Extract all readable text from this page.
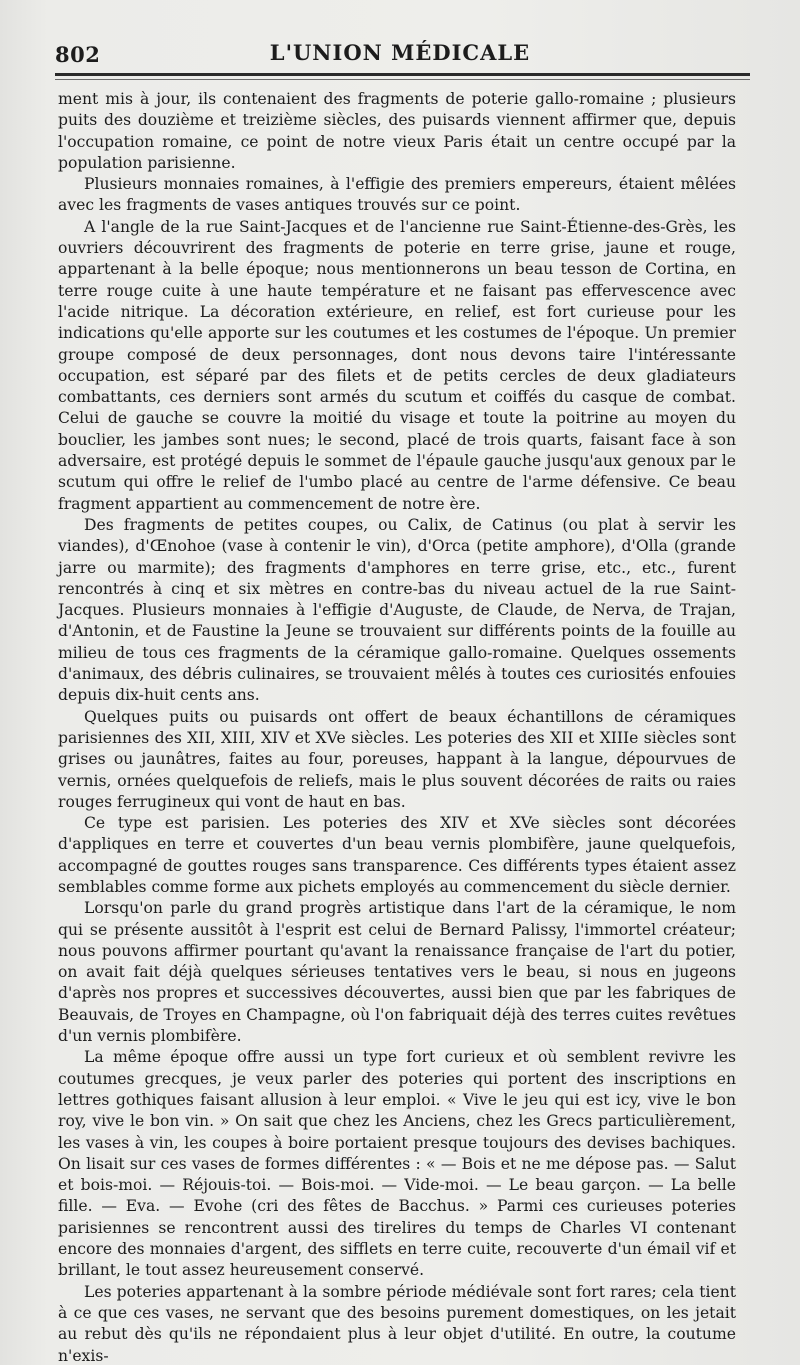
802	L'UNION MÉDICALE

ment mis à jour, ils contenaient des fragments de poterie gallo-romaine ; plusieurs puits des douzième et treizième siècles, des puisards viennent affirmer que, depuis l'occupation romaine, ce point de notre vieux Paris était un centre occupé par la population parisienne.

Plusieurs monnaies romaines, à l'effigie des premiers empereurs, étaient mêlées avec les fragments de vases antiques trouvés sur ce point.

A l'angle de la rue Saint-Jacques et de l'ancienne rue Saint-Étienne-des-Grès, les ouvriers découvrirent des fragments de poterie en terre grise, jaune et rouge, appartenant à la belle époque; nous mentionnerons un beau tesson de Cortina, en terre rouge cuite à une haute température et ne faisant pas effervescence avec l'acide nitrique. La décoration extérieure, en relief, est fort curieuse pour les indications qu'elle apporte sur les coutumes et les costumes de l'époque. Un premier groupe composé de deux personnages, dont nous devons taire l'intéressante occupation, est séparé par des filets et de petits cercles de deux gladiateurs combattants, ces derniers sont armés du scutum et coiffés du casque de combat. Celui de gauche se couvre la moitié du visage et toute la poitrine au moyen du bouclier, les jambes sont nues; le second, placé de trois quarts, faisant face à son adversaire, est protégé depuis le sommet de l'épaule gauche jusqu'aux genoux par le scutum qui offre le relief de l'umbo placé au centre de l'arme défensive. Ce beau fragment appartient au commencement de notre ère.

Des fragments de petites coupes, ou Calix, de Catinus (ou plat à servir les viandes), d'Œnohoe (vase à contenir le vin), d'Orca (petite amphore), d'Olla (grande jarre ou marmite); des fragments d'amphores en terre grise, etc., etc., furent rencontrés à cinq et six mètres en contre-bas du niveau actuel de la rue Saint-Jacques. Plusieurs monnaies à l'effigie d'Auguste, de Claude, de Nerva, de Trajan, d'Antonin, et de Faustine la Jeune se trouvaient sur différents points de la fouille au milieu de tous ces fragments de la céramique gallo-romaine. Quelques ossements d'animaux, des débris culinaires, se trouvaient mêlés à toutes ces curiosités enfouies depuis dix-huit cents ans.

Quelques puits ou puisards ont offert de beaux échantillons de céramiques parisiennes des XII, XIII, XIV et XVe siècles. Les poteries des XII et XIIIe siècles sont grises ou jaunâtres, faites au four, poreuses, happant à la langue, dépourvues de vernis, ornées quelquefois de reliefs, mais le plus souvent décorées de raits ou raies rouges ferrugineux qui vont de haut en bas.

Ce type est parisien. Les poteries des XIV et XVe siècles sont décorées d'appliques en terre et couvertes d'un beau vernis plombifère, jaune quelquefois, accompagné de gouttes rouges sans transparence. Ces différents types étaient assez semblables comme forme aux pichets employés au commencement du siècle dernier.

Lorsqu'on parle du grand progrès artistique dans l'art de la céramique, le nom qui se présente aussitôt à l'esprit est celui de Bernard Palissy, l'immortel créateur; nous pouvons affirmer pourtant qu'avant la renaissance française de l'art du potier, on avait fait déjà quelques sérieuses tentatives vers le beau, si nous en jugeons d'après nos propres et successives découvertes, aussi bien que par les fabriques de Beauvais, de Troyes en Champagne, où l'on fabriquait déjà des terres cuites revêtues d'un vernis plombifère.

La même époque offre aussi un type fort curieux et où semblent revivre les coutumes grecques, je veux parler des poteries qui portent des inscriptions en lettres gothiques faisant allusion à leur emploi. « Vive le jeu qui est icy, vive le bon roy, vive le bon vin. » On sait que chez les Anciens, chez les Grecs particulièrement, les vases à vin, les coupes à boire portaient presque toujours des devises bachiques. On lisait sur ces vases de formes différentes : « — Bois et ne me dépose pas. — Salut et bois-moi. — Réjouis-toi. — Bois-moi. — Vide-moi. — Le beau garçon. — La belle fille. — Eva. — Evohe (cri des fêtes de Bacchus. » Parmi ces curieuses poteries parisiennes se rencontrent aussi des tirelires du temps de Charles VI contenant encore des monnaies d'argent, des sifflets en terre cuite, recouverte d'un émail vif et brillant, le tout assez heureusement conservé.

Les poteries appartenant à la sombre période médiévale sont fort rares; cela tient à ce que ces vases, ne servant que des besoins purement domestiques, on les jetait au rebut dès qu'ils ne répondaient plus à leur objet d'utilité. En outre, la coutume n'exis-
